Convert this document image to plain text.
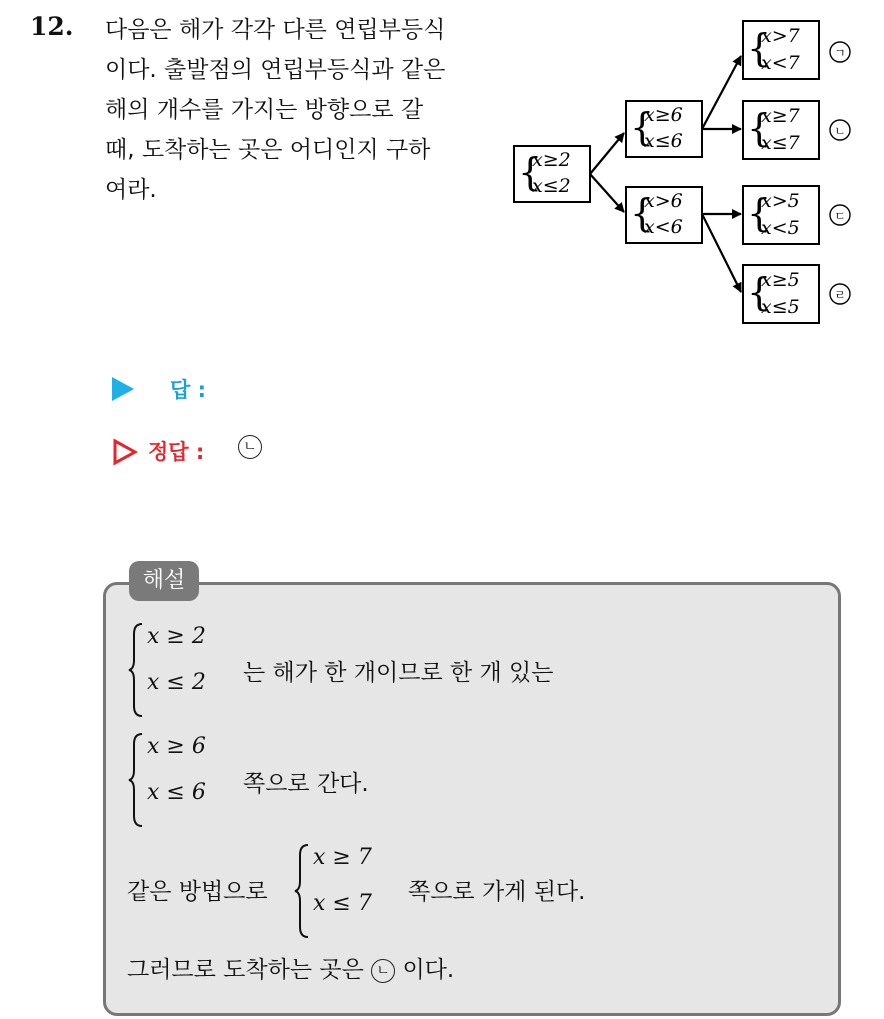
12. 다음은 해가 각각 다른 연립부등식
이다. 출발점의 연립부등식과 같은
해의 개수를 가지는 방향으로 갈
때, 도착하는 곳은 어디인지 구하
여라.	{
x≥2
x≤2
{
x≥6
x≤6
{
x>6
x<6
{
x>7
x<7	ㄱ
{
x≥7
x≤7
ㄴ
{
x>5
x<5
ㄷ
{
x≥5
x≤5
ㄹ
답 :
정답 :	ㄴ
해설
x ≥ 2
x ≤ 2 는 해가 한 개이므로 한 개 있는
x ≥ 6
x ≤ 6 쪽으로 간다.
같은 방법으로
x ≥ 7
x ≤ 7 쪽으로 가게 된다.
그러므로 도착하는 곳은 ㄴ 이다.
